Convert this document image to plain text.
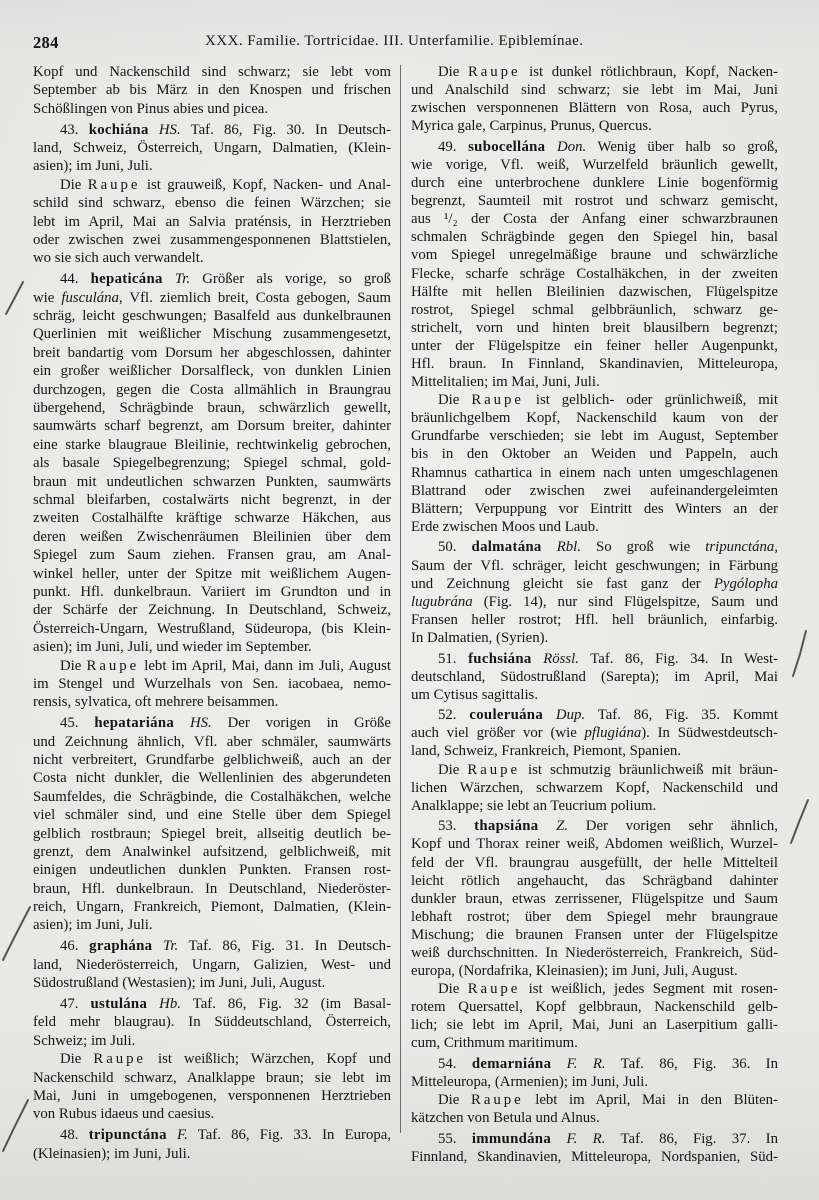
284	XXX. Familie. Tortricidae. III. Unterfamilie. Epiblemínae.
Kopf und Nackenschild sind schwarz; sie lebt vom
September ab bis März in den Knospen und frischen
Schößlingen von Pinus abies und picea.
43. kochiána HS. Taf. 86, Fig. 30. In Deutsch-
land, Schweiz, Österreich, Ungarn, Dalmatien, (Klein-
asien); im Juni, Juli.
Die Raupe ist grauweiß, Kopf, Nacken- und Anal-
schild sind schwarz, ebenso die feinen Wärzchen; sie
lebt im April, Mai an Salvia praténsis, in Herztrieben
oder zwischen zwei zusammengesponnenen Blattstielen,
wo sie sich auch verwandelt.
44. hepaticána Tr. Größer als vorige, so groß
wie fusculána, Vfl. ziemlich breit, Costa gebogen, Saum
schräg, leicht geschwungen; Basalfeld aus dunkelbraunen
Querlinien mit weißlicher Mischung zusammengesetzt,
breit bandartig vom Dorsum her abgeschlossen, dahinter
ein großer weißlicher Dorsalfleck, von dunklen Linien
durchzogen, gegen die Costa allmählich in Braungrau
übergehend, Schrägbinde braun, schwärzlich gewellt,
saumwärts scharf begrenzt, am Dorsum breiter, dahinter
eine starke blaugraue Bleilinie, rechtwinkelig gebrochen,
als basale Spiegelbegrenzung; Spiegel schmal, gold-
braun mit undeutlichen schwarzen Punkten, saumwärts
schmal bleifarben, costalwärts nicht begrenzt, in der
zweiten Costalhälfte kräftige schwarze Häkchen, aus
deren weißen Zwischenräumen Bleilinien über dem
Spiegel zum Saum ziehen. Fransen grau, am Anal-
winkel heller, unter der Spitze mit weißlichem Augen-
punkt. Hfl. dunkelbraun. Variiert im Grundton und in
der Schärfe der Zeichnung. In Deutschland, Schweiz,
Österreich-Ungarn, Westrußland, Südeuropa, (bis Klein-
asien); im Juni, Juli, und wieder im September.
Die Raupe lebt im April, Mai, dann im Juli, August
im Stengel und Wurzelhals von Sen. iacobaea, nemo-
rensis, sylvatica, oft mehrere beisammen.
45. hepatariána HS. Der vorigen in Größe
und Zeichnung ähnlich, Vfl. aber schmäler, saumwärts
nicht verbreitert, Grundfarbe gelblichweiß, auch an der
Costa nicht dunkler, die Wellenlinien des abgerundeten
Saumfeldes, die Schrägbinde, die Costalhäkchen, welche
viel schmäler sind, und eine Stelle über dem Spiegel
gelblich rostbraun; Spiegel breit, allseitig deutlich be-
grenzt, dem Analwinkel aufsitzend, gelblichweiß, mit
einigen undeutlichen dunklen Punkten. Fransen rost-
braun, Hfl. dunkelbraun. In Deutschland, Niederöster-
reich, Ungarn, Frankreich, Piemont, Dalmatien, (Klein-
asien); im Juni, Juli.
46. graphána Tr. Taf. 86, Fig. 31. In Deutsch-
land, Niederösterreich, Ungarn, Galizien, West- und
Südostrußland (Westasien); im Juni, Juli, August.
47. ustulána Hb. Taf. 86, Fig. 32 (im Basal-
feld mehr blaugrau). In Süddeutschland, Österreich,
Schweiz; im Juli.
Die Raupe ist weißlich; Wärzchen, Kopf und
Nackenschild schwarz, Analklappe braun; sie lebt im
Mai, Juni in umgebogenen, versponnenen Herztrieben
von Rubus idaeus und caesius.
48. tripunctána F. Taf. 86, Fig. 33. In Europa,
(Kleinasien); im Juni, Juli.
Die Raupe ist dunkel rötlichbraun, Kopf, Nacken-
und Analschild sind schwarz; sie lebt im Mai, Juni
zwischen versponnenen Blättern von Rosa, auch Pyrus,
Myrica gale, Carpinus, Prunus, Quercus.
49. subocellána Don. Wenig über halb so groß,
wie vorige, Vfl. weiß, Wurzelfeld bräunlich gewellt,
durch eine unterbrochene dunklere Linie bogenförmig
begrenzt, Saumteil mit rostrot und schwarz gemischt,
aus ¹/₂ der Costa der Anfang einer schwarzbraunen
schmalen Schrägbinde gegen den Spiegel hin, basal
vom Spiegel unregelmäßige braune und schwärzliche
Flecke, scharfe schräge Costalhäkchen, in der zweiten
Hälfte mit hellen Bleilinien dazwischen, Flügelspitze
rostrot, Spiegel schmal gelbbräunlich, schwarz ge-
strichelt, vorn und hinten breit blausilbern begrenzt;
unter der Flügelspitze ein feiner heller Augenpunkt,
Hfl. braun. In Finnland, Skandinavien, Mitteleuropa,
Mittelitalien; im Mai, Juni, Juli.
Die Raupe ist gelblich- oder grünlichweiß, mit
bräunlichgelbem Kopf, Nackenschild kaum von der
Grundfarbe verschieden; sie lebt im August, September
bis in den Oktober an Weiden und Pappeln, auch
Rhamnus cathartica in einem nach unten umgeschlagenen
Blattrand oder zwischen zwei aufeinandergeleimten
Blättern; Verpuppung vor Eintritt des Winters an der
Erde zwischen Moos und Laub.
50. dalmatána Rbl. So groß wie tripunctána,
Saum der Vfl. schräger, leicht geschwungen; in Färbung
und Zeichnung gleicht sie fast ganz der Pygólopha
lugubrána (Fig. 14), nur sind Flügelspitze, Saum und
Fransen heller rostrot; Hfl. hell bräunlich, einfarbig.
In Dalmatien, (Syrien).
51. fuchsiána Rössl. Taf. 86, Fig. 34. In West-
deutschland, Südostrußland (Sarepta); im April, Mai
um Cytisus sagittalis.
52. couleruána Dup. Taf. 86, Fig. 35. Kommt
auch viel größer vor (wie pflugiána). In Südwestdeutsch-
land, Schweiz, Frankreich, Piemont, Spanien.
Die Raupe ist schmutzig bräunlichweiß mit bräun-
lichen Wärzchen, schwarzem Kopf, Nackenschild und
Analklappe; sie lebt an Teucrium polium.
53. thapsiána Z. Der vorigen sehr ähnlich,
Kopf und Thorax reiner weiß, Abdomen weißlich, Wurzel-
feld der Vfl. braungrau ausgefüllt, der helle Mittelteil
leicht rötlich angehaucht, das Schrägband dahinter
dunkler braun, etwas zerrissener, Flügelspitze und Saum
lebhaft rostrot; über dem Spiegel mehr braungraue
Mischung; die braunen Fransen unter der Flügelspitze
weiß durchschnitten. In Niederösterreich, Frankreich, Süd-
europa, (Nordafrika, Kleinasien); im Juni, Juli, August.
Die Raupe ist weißlich, jedes Segment mit rosen-
rotem Quersattel, Kopf gelbbraun, Nackenschild gelb-
lich; sie lebt im April, Mai, Juni an Laserpitium galli-
cum, Crithmum maritimum.
54. demarniána F. R. Taf. 86, Fig. 36. In
Mitteleuropa, (Armenien); im Juni, Juli.
Die Raupe lebt im April, Mai in den Blüten-
kätzchen von Betula und Alnus.
55. immundána F. R. Taf. 86, Fig. 37. In
Finnland, Skandinavien, Mitteleuropa, Nordspanien, Süd-
